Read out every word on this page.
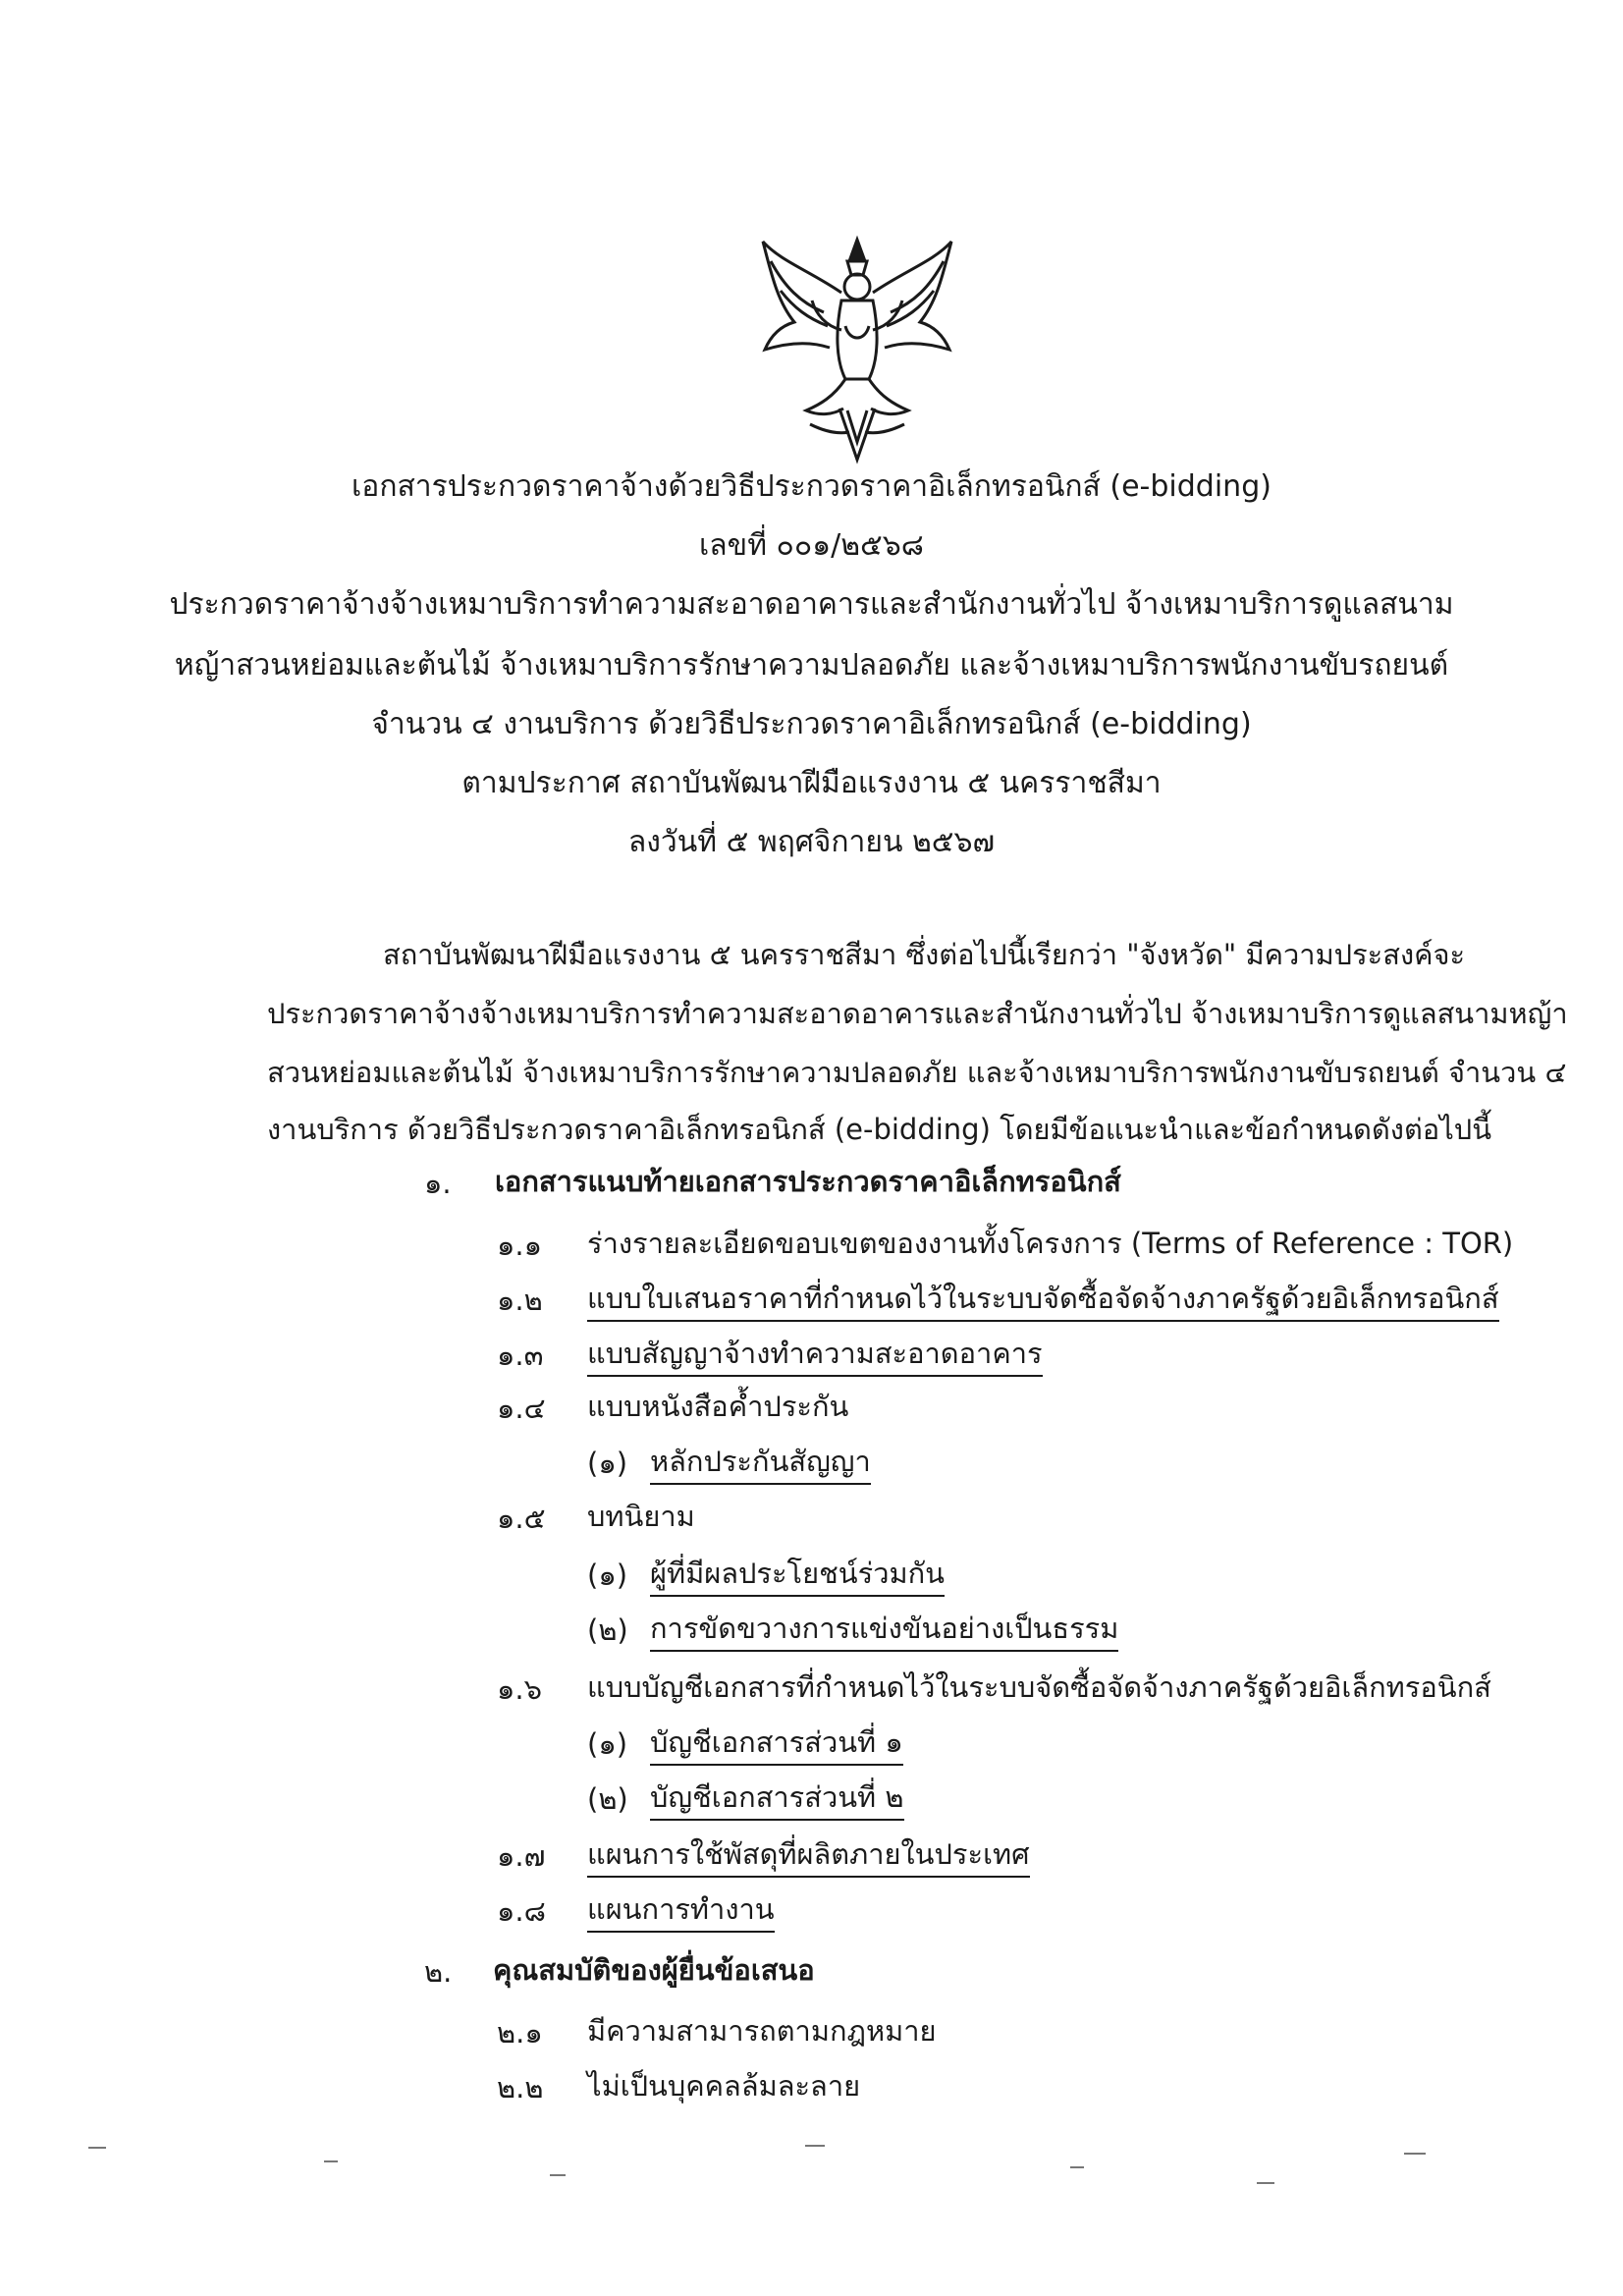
เอกสารประกวดราคาจ้างด้วยวิธีประกวดราคาอิเล็กทรอนิกส์ (e-bidding)
เลขที่ ๐๐๑/๒๕๖๘
ประกวดราคาจ้างจ้างเหมาบริการทำความสะอาดอาคารและสำนักงานทั่วไป จ้างเหมาบริการดูแลสนาม
หญ้าสวนหย่อมและต้นไม้ จ้างเหมาบริการรักษาความปลอดภัย และจ้างเหมาบริการพนักงานขับรถยนต์
จำนวน ๔ งานบริการ ด้วยวิธีประกวดราคาอิเล็กทรอนิกส์ (e-bidding)
ตามประกาศ สถาบันพัฒนาฝีมือแรงงาน ๕ นครราชสีมา
ลงวันที่ ๕ พฤศจิกายน ๒๕๖๗
สถาบันพัฒนาฝีมือแรงงาน ๕ นครราชสีมา ซึ่งต่อไปนี้เรียกว่า "จังหวัด" มีความประสงค์จะ
ประกวดราคาจ้างจ้างเหมาบริการทำความสะอาดอาคารและสำนักงานทั่วไป จ้างเหมาบริการดูแลสนามหญ้า
สวนหย่อมและต้นไม้ จ้างเหมาบริการรักษาความปลอดภัย และจ้างเหมาบริการพนักงานขับรถยนต์ จำนวน ๔
งานบริการ ด้วยวิธีประกวดราคาอิเล็กทรอนิกส์ (e-bidding) โดยมีข้อแนะนำและข้อกำหนดดังต่อไปนี้
๑. เอกสารแนบท้ายเอกสารประกวดราคาอิเล็กทรอนิกส์
๑.๑ ร่างรายละเอียดขอบเขตของงานทั้งโครงการ (Terms of Reference : TOR)
๑.๒ แบบใบเสนอราคาที่กำหนดไว้ในระบบจัดซื้อจัดจ้างภาครัฐด้วยอิเล็กทรอนิกส์
๑.๓ แบบสัญญาจ้างทำความสะอาดอาคาร
๑.๔ แบบหนังสือค้ำประกัน
(๑) หลักประกันสัญญา
๑.๕ บทนิยาม
(๑) ผู้ที่มีผลประโยชน์ร่วมกัน
(๒) การขัดขวางการแข่งขันอย่างเป็นธรรม
๑.๖ แบบบัญชีเอกสารที่กำหนดไว้ในระบบจัดซื้อจัดจ้างภาครัฐด้วยอิเล็กทรอนิกส์
(๑) บัญชีเอกสารส่วนที่ ๑
(๒) บัญชีเอกสารส่วนที่ ๒
๑.๗ แผนการใช้พัสดุที่ผลิตภายในประเทศ
๑.๘ แผนการทำงาน
๒. คุณสมบัติของผู้ยื่นข้อเสนอ
๒.๑ มีความสามารถตามกฎหมาย
๒.๒ ไม่เป็นบุคคลล้มละลาย
